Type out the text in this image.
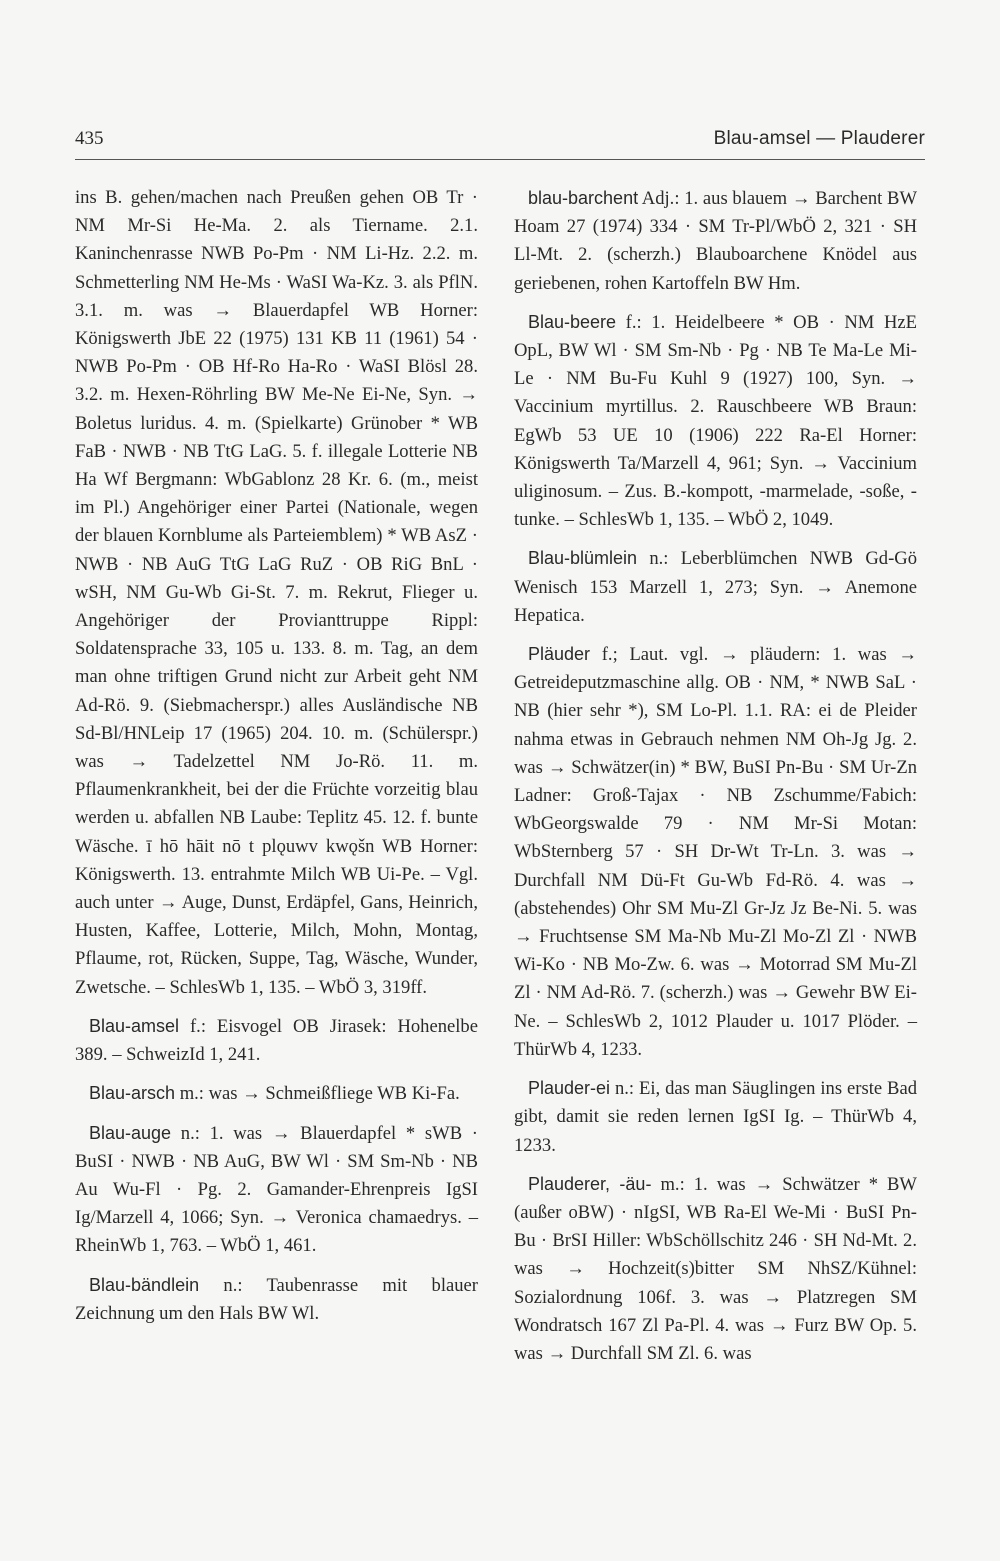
435	Blau-amsel — Plauderer

ins B. gehen/machen nach Preußen gehen OB Tr · NM Mr-Si He-Ma. 2. als Tiername. 2.1. Kaninchenrasse NWB Po-Pm · NM Li-Hz. 2.2. m. Schmetterling NM He-Ms · WaSI Wa-Kz. 3. als PflN. 3.1. m. was → Blauerdapfel WB Horner: Königswerth JbE 22 (1975) 131 KB 11 (1961) 54 · NWB Po-Pm · OB Hf-Ro Ha-Ro · WaSI Blösl 28. 3.2. m. Hexen-Röhrling BW Me-Ne Ei-Ne, Syn. → Boletus luridus. 4. m. (Spielkarte) Grünober * WB FaB · NWB · NB TtG LaG. 5. f. illegale Lotterie NB Ha Wf Bergmann: WbGablonz 28 Kr. 6. (m., meist im Pl.) Angehöriger einer Partei (Nationale, wegen der blauen Kornblume als Parteiemblem) * WB AsZ · NWB · NB AuG TtG LaG RuZ · OB RiG BnL · wSH, NM Gu-Wb Gi-St. 7. m. Rekrut, Flieger u. Angehöriger der Provianttruppe Rippl: Soldatensprache 33, 105 u. 133. 8. m. Tag, an dem man ohne triftigen Grund nicht zur Arbeit geht NM Ad-Rö. 9. (Siebmacherspr.) alles Ausländische NB Sd-Bl/HNLeip 17 (1965) 204. 10. m. (Schülerspr.) was → Tadelzettel NM Jo-Rö. 11. m. Pflaumenkrankheit, bei der die Früchte vorzeitig blau werden u. abfallen NB Laube: Teplitz 45. 12. f. bunte Wäsche. ī hō hāit nō t plǫuwv kwǫšn WB Horner: Königswerth. 13. entrahmte Milch WB Ui-Pe. – Vgl. auch unter → Auge, Dunst, Erdäpfel, Gans, Heinrich, Husten, Kaffee, Lotterie, Milch, Mohn, Montag, Pflaume, rot, Rücken, Suppe, Tag, Wäsche, Wunder, Zwetsche. – SchlesWb 1, 135. – WbÖ 3, 319ff.

Blau-amsel f.: Eisvogel OB Jirasek: Hohenelbe 389. – SchweizId 1, 241.

Blau-arsch m.: was → Schmeißfliege WB Ki-Fa.

Blau-auge n.: 1. was → Blauerdapfel * sWB · BuSI · NWB · NB AuG, BW Wl · SM Sm-Nb · NB Au Wu-Fl · Pg. 2. Gamander-Ehrenpreis IgSI Ig/Marzell 4, 1066; Syn. → Veronica chamaedrys. – RheinWb 1, 763. – WbÖ 1, 461.

Blau-bändlein n.: Taubenrasse mit blauer Zeichnung um den Hals BW Wl.

blau-barchent Adj.: 1. aus blauem → Barchent BW Hoam 27 (1974) 334 · SM Tr-Pl/WbÖ 2, 321 · SH Ll-Mt. 2. (scherzh.) Blauboarchene Knödel aus geriebenen, rohen Kartoffeln BW Hm.

Blau-beere f.: 1. Heidelbeere * OB · NM HzE OpL, BW Wl · SM Sm-Nb · Pg · NB Te Ma-Le Mi-Le · NM Bu-Fu Kuhl 9 (1927) 100, Syn. → Vaccinium myrtillus. 2. Rauschbeere WB Braun: EgWb 53 UE 10 (1906) 222 Ra-El Horner: Königswerth Ta/Marzell 4, 961; Syn. → Vaccinium uliginosum. – Zus. B.-kompott, -marmelade, -soße, -tunke. – SchlesWb 1, 135. – WbÖ 2, 1049.

Blau-blümlein n.: Leberblümchen NWB Gd-Gö Wenisch 153 Marzell 1, 273; Syn. → Anemone Hepatica.

Pläuder f.; Laut. vgl. → pläudern: 1. was → Getreideputzmaschine allg. OB · NM, * NWB SaL · NB (hier sehr *), SM Lo-Pl. 1.1. RA: ei de Pleider nahma etwas in Gebrauch nehmen NM Oh-Jg Jg. 2. was → Schwätzer(in) * BW, BuSI Pn-Bu · SM Ur-Zn Ladner: Groß-Tajax · NB Zschumme/Fabich: WbGeorgswalde 79 · NM Mr-Si Motan: WbSternberg 57 · SH Dr-Wt Tr-Ln. 3. was → Durchfall NM Dü-Ft Gu-Wb Fd-Rö. 4. was → (abstehendes) Ohr SM Mu-Zl Gr-Jz Jz Be-Ni. 5. was → Fruchtsense SM Ma-Nb Mu-Zl Mo-Zl Zl · NWB Wi-Ko · NB Mo-Zw. 6. was → Motorrad SM Mu-Zl Zl · NM Ad-Rö. 7. (scherzh.) was → Gewehr BW Ei-Ne. – SchlesWb 2, 1012 Plauder u. 1017 Plöder. – ThürWb 4, 1233.

Plauder-ei n.: Ei, das man Säuglingen ins erste Bad gibt, damit sie reden lernen IgSI Ig. – ThürWb 4, 1233.

Plauderer, -äu- m.: 1. was → Schwätzer * BW (außer oBW) · nIgSI, WB Ra-El We-Mi · BuSI Pn-Bu · BrSI Hiller: WbSchöllschitz 246 · SH Nd-Mt. 2. was → Hochzeit(s)bitter SM NhSZ/Kühnel: Sozialordnung 106f. 3. was → Platzregen SM Wondratsch 167 Zl Pa-Pl. 4. was → Furz BW Op. 5. was → Durchfall SM Zl. 6. was
